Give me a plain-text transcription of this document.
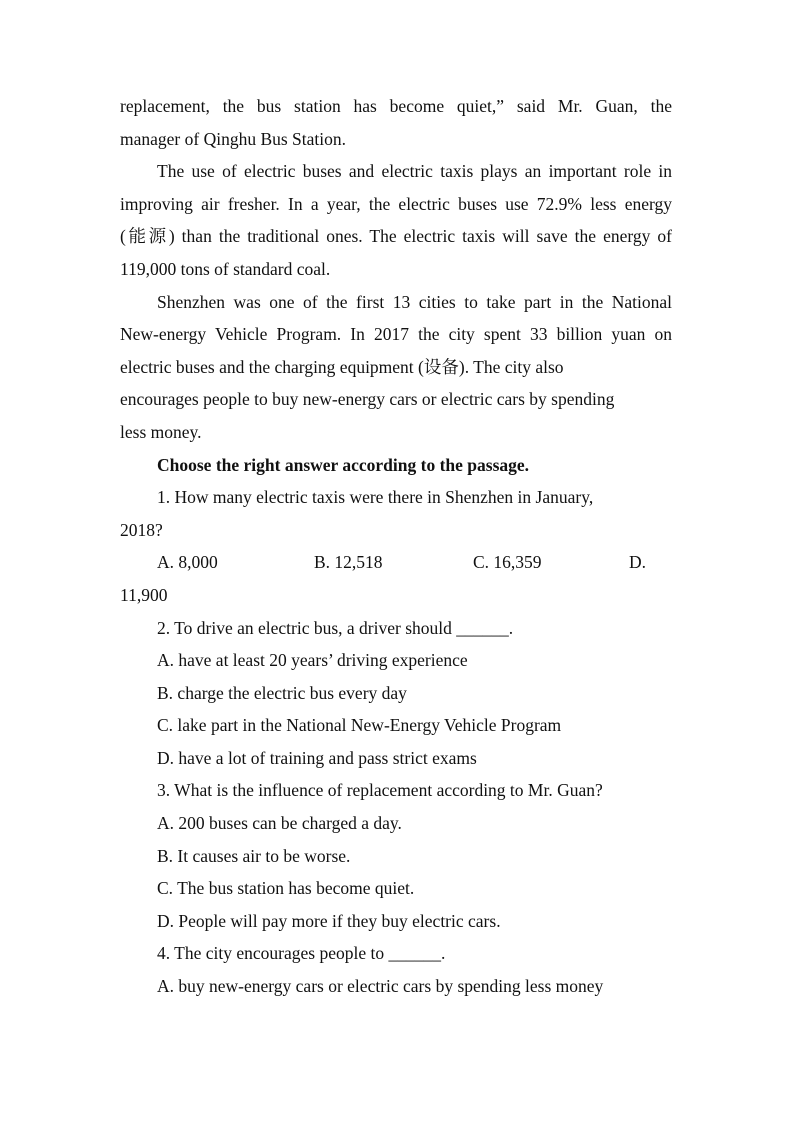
replacement, the bus station has become quiet,” said Mr. Guan, the
manager of Qinghu Bus Station.
The use of electric buses and electric taxis plays an important role in
improving air fresher. In a year, the electric buses use 72.9% less energy
(能源) than the traditional ones. The electric taxis will save the energy of
119,000 tons of standard coal.
Shenzhen was one of the first 13 cities to take part in the National
New-energy Vehicle Program. In 2017 the city spent 33 billion yuan on
electric buses and the charging equipment (设备). The city also
encourages people to buy new-energy cars or electric cars by spending
less money.
Choose the right answer according to the passage.
1. How many electric taxis were there in Shenzhen in January,
2018?
A. 8,000	B. 12,518	C. 16,359	D.
11,900
2. To drive an electric bus, a driver should ______.
A. have at least 20 years’ driving experience
B. charge the electric bus every day
C. lake part in the National New-Energy Vehicle Program
D. have a lot of training and pass strict exams
3. What is the influence of replacement according to Mr. Guan?
A. 200 buses can be charged a day.
B. It causes air to be worse.
C. The bus station has become quiet.
D. People will pay more if they buy electric cars.
4. The city encourages people to ______.
A. buy new-energy cars or electric cars by spending less money
